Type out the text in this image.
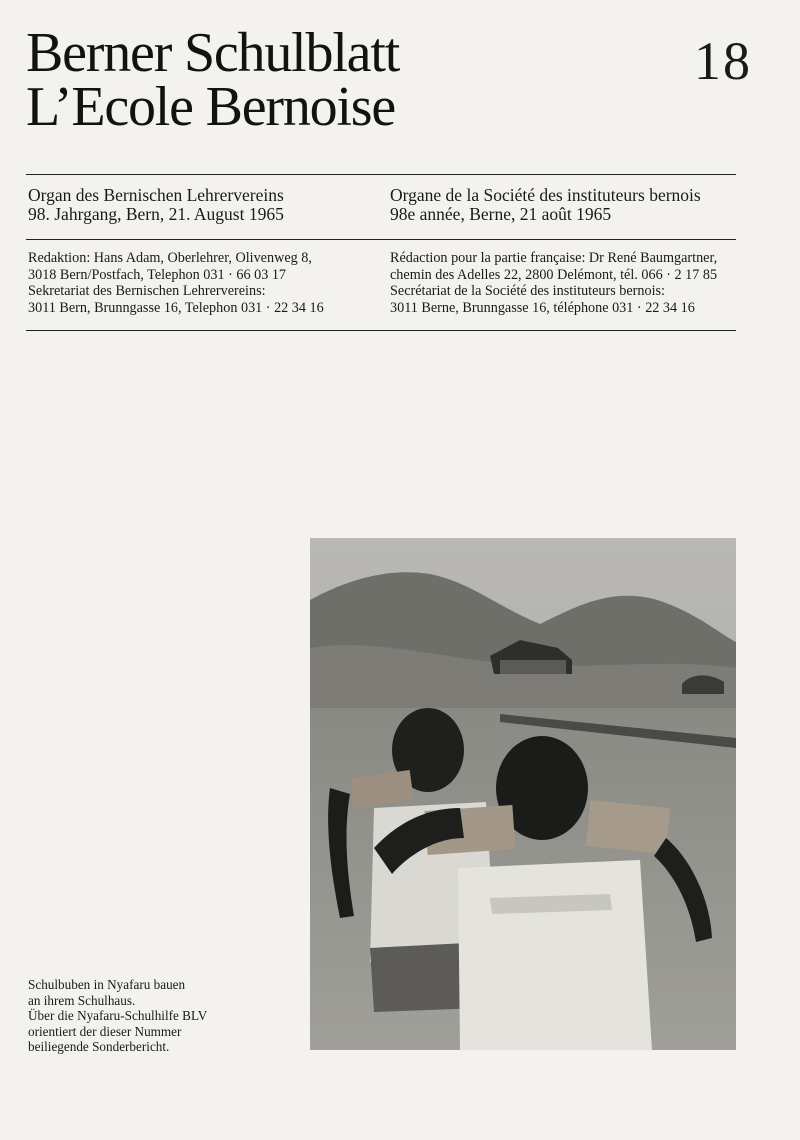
Berner Schulblatt
L’Ecole Bernoise
18
Organ des Bernischen Lehrervereins
98. Jahrgang, Bern, 21. August 1965
Organe de la Société des instituteurs bernois
98e année, Berne, 21 août 1965
Redaktion: Hans Adam, Oberlehrer, Olivenweg 8,
3018 Bern/Postfach, Telephon 031 · 66 03 17
Sekretariat des Bernischen Lehrervereins:
3011 Bern, Brunngasse 16, Telephon 031 · 22 34 16
Rédaction pour la partie française: Dr René Baumgartner,
chemin des Adelles 22, 2800 Delémont, tél. 066 · 2 17 85
Secrétariat de la Société des instituteurs bernois:
3011 Berne, Brunngasse 16, téléphone 031 · 22 34 16
Schulbuben in Nyafaru bauen
an ihrem Schulhaus.
Über die Nyafaru-Schulhilfe BLV
orientiert der dieser Nummer
beiliegende Sonderbericht.
